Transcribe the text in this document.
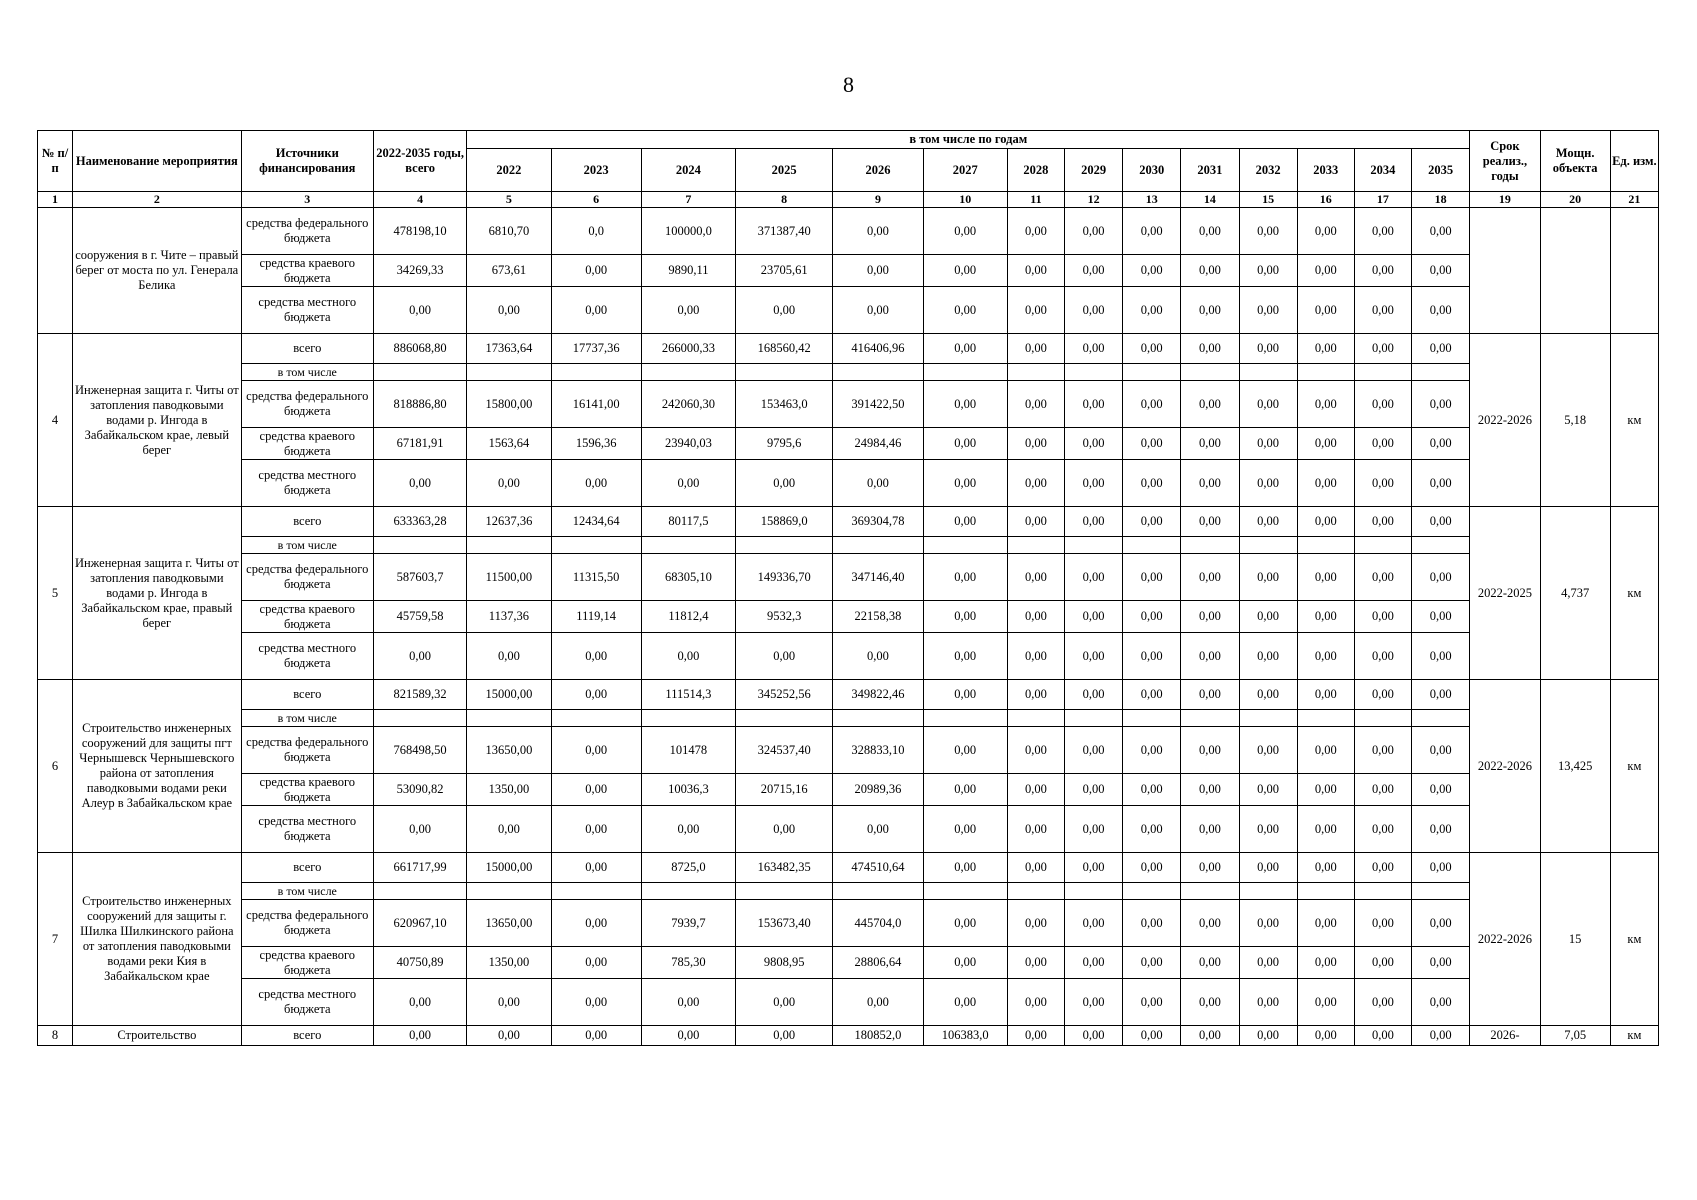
8
№ п/ п	Наименование мероприятия	Источники финансирования	2022-2035 годы, всего	в том числе по годам														Срок реализ., годы	Мощн. объекта	Ед. изм.
				2022	2023	2024	2025	2026	2027	2028	2029	2030	2031	2032	2033	2034	2035			
1	2	3	4	5	6	7	8	9	10	11	12	13	14	15	16	17	18	19	20	21
	сооружения в г. Чите – правый берег от моста по ул. Генерала Белика	средства федерального бюджета	478198,10	6810,70	0,0	100000,0	371387,40	0,00	0,00	0,00	0,00	0,00	0,00	0,00	0,00	0,00	0,00			
		средства краевого бюджета	34269,33	673,61	0,00	9890,11	23705,61	0,00	0,00	0,00	0,00	0,00	0,00	0,00	0,00	0,00	0,00			
		средства местного бюджета	0,00	0,00	0,00	0,00	0,00	0,00	0,00	0,00	0,00	0,00	0,00	0,00	0,00	0,00	0,00			
4	Инженерная защита г. Читы от затопления паводковыми водами р. Ингода в Забайкальском крае, левый берег	всего	886068,80	17363,64	17737,36	266000,33	168560,42	416406,96	0,00	0,00	0,00	0,00	0,00	0,00	0,00	0,00	0,00	2022-2026	5,18	км
		в том числе																		
		средства федерального бюджета	818886,80	15800,00	16141,00	242060,30	153463,0	391422,50	0,00	0,00	0,00	0,00	0,00	0,00	0,00	0,00	0,00			
		средства краевого бюджета	67181,91	1563,64	1596,36	23940,03	9795,6	24984,46	0,00	0,00	0,00	0,00	0,00	0,00	0,00	0,00	0,00			
		средства местного бюджета	0,00	0,00	0,00	0,00	0,00	0,00	0,00	0,00	0,00	0,00	0,00	0,00	0,00	0,00	0,00			
5	Инженерная защита г. Читы от затопления паводковыми водами р. Ингода в Забайкальском крае, правый берег	всего	633363,28	12637,36	12434,64	80117,5	158869,0	369304,78	0,00	0,00	0,00	0,00	0,00	0,00	0,00	0,00	0,00	2022-2025	4,737	км
		в том числе																		
		средства федерального бюджета	587603,7	11500,00	11315,50	68305,10	149336,70	347146,40	0,00	0,00	0,00	0,00	0,00	0,00	0,00	0,00	0,00			
		средства краевого бюджета	45759,58	1137,36	1119,14	11812,4	9532,3	22158,38	0,00	0,00	0,00	0,00	0,00	0,00	0,00	0,00	0,00			
		средства местного бюджета	0,00	0,00	0,00	0,00	0,00	0,00	0,00	0,00	0,00	0,00	0,00	0,00	0,00	0,00	0,00			
6	Строительство инженерных сооружений для защиты пгт Чернышевск Чернышевского района от затопления паводковыми водами реки Алеур в Забайкальском крае	всего	821589,32	15000,00	0,00	111514,3	345252,56	349822,46	0,00	0,00	0,00	0,00	0,00	0,00	0,00	0,00	0,00	2022-2026	13,425	км
		в том числе																		
		средства федерального бюджета	768498,50	13650,00	0,00	101478	324537,40	328833,10	0,00	0,00	0,00	0,00	0,00	0,00	0,00	0,00	0,00			
		средства краевого бюджета	53090,82	1350,00	0,00	10036,3	20715,16	20989,36	0,00	0,00	0,00	0,00	0,00	0,00	0,00	0,00	0,00			
		средства местного бюджета	0,00	0,00	0,00	0,00	0,00	0,00	0,00	0,00	0,00	0,00	0,00	0,00	0,00	0,00	0,00			
7	Строительство инженерных сооружений для защиты г. Шилка Шилкинского района от затопления паводковыми водами реки Кия в Забайкальском крае	всего	661717,99	15000,00	0,00	8725,0	163482,35	474510,64	0,00	0,00	0,00	0,00	0,00	0,00	0,00	0,00	0,00	2022-2026	15	км
		в том числе																		
		средства федерального бюджета	620967,10	13650,00	0,00	7939,7	153673,40	445704,0	0,00	0,00	0,00	0,00	0,00	0,00	0,00	0,00	0,00			
		средства краевого бюджета	40750,89	1350,00	0,00	785,30	9808,95	28806,64	0,00	0,00	0,00	0,00	0,00	0,00	0,00	0,00	0,00			
		средства местного бюджета	0,00	0,00	0,00	0,00	0,00	0,00	0,00	0,00	0,00	0,00	0,00	0,00	0,00	0,00	0,00			
8	Строительство	всего	0,00	0,00	0,00	0,00	0,00	180852,0	106383,0	0,00	0,00	0,00	0,00	0,00	0,00	0,00	0,00	2026-	7,05	км
